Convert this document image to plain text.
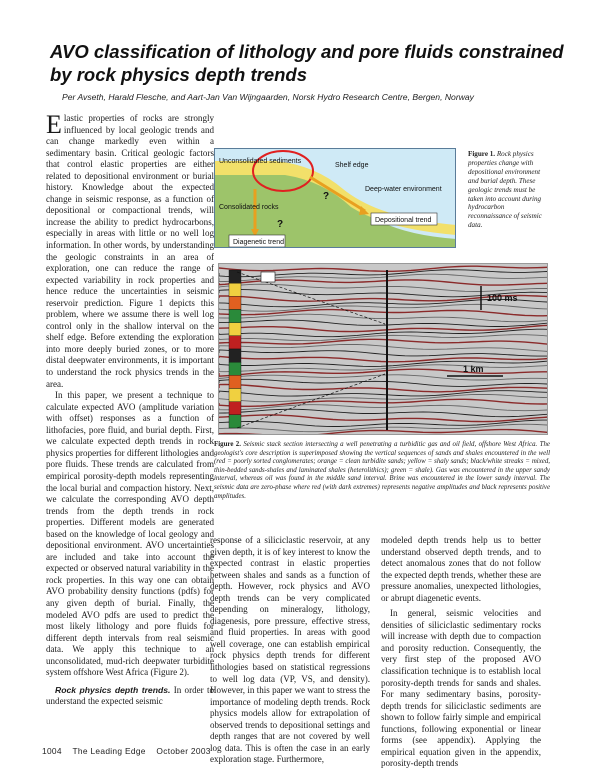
AVO classification of lithology and pore fluids constrained by rock physics depth trends
Per Avseth, Harald Flesche, and Aart-Jan Van Wijngaarden, Norsk Hydro Research Centre, Bergen, Norway

Elastic properties of rocks are strongly influenced by local geologic trends and can change markedly even within a sedimentary basin. Critical geologic factors that control elastic properties are either related to depositional environment or burial history. Knowledge about the expected change in seismic response, as a function of depositional or compactional trends, will increase the ability to predict hydrocarbons, especially in areas with little or no well log information. In other words, by understanding the geologic constraints in an area of exploration, one can reduce the range of expected variability in rock properties and hence reduce the uncertainties in seismic reservoir prediction. Figure 1 depicts this problem, where we assume there is well log control only in the shallow interval on the shelf edge. Before extending the exploration into more deeply buried zones, or to more distal deepwater environments, it is important to understand the rock physics trends in the area.

In this paper, we present a technique to calculate expected AVO (amplitude variation with offset) responses as a function of lithofacies, pore fluid, and burial depth. First, we calculate expected depth trends in rock physics properties for different lithologies and pore fluids. These trends are calculated from empirical porosity-depth models representing the local burial and compaction history. Next, we calculate the corresponding AVO depth trends from the depth trends in rock properties. Different models are generated based on the knowledge of local geology and depositional environment. AVO uncertainties are included and take into account the expected or observed natural variability in the rock properties. In this way one can obtain AVO probability density functions (pdfs) for any given depth of burial. Finally, the modeled AVO pdfs are used to predict the most likely lithology and pore fluids for different depth intervals from real seismic data. We apply this technique to an unconsolidated, mud-rich deepwater turbidite system offshore West Africa (Figure 2).

Rock physics depth trends. In order to understand the expected seismic

Unconsolidated sediments
Shelf edge
Deep-water environment
Consolidated rocks
Depositional trend
Diagenetic trend
?
?
Figure 1. Rock physics properties change with depositional environment and burial depth. These geologic trends must be taken into account during hydrocarbon reconnaissance of seismic data.
100 ms
1 km
Figure 2. Seismic stack section intersecting a well penetrating a turbiditic gas and oil field, offshore West Africa. The geologist's core description is superimposed showing the vertical sequences of sands and shales encountered in the well (red = poorly sorted conglomerates; orange = clean turbidite sands; yellow = shaly sands; black/white streaks = mixed, thin-bedded sands-shales and laminated shales (heterolithics); green = shale). Gas was encountered in the upper sandy interval, whereas oil was found in the middle sand interval. Brine was encountered in the lower sandy interval. The seismic data are zero-phase where red (with dark extremes) represents negative amplitudes and black represents positive amplitudes.

response of a siliciclastic reservoir, at any given depth, it is of key interest to know the expected contrast in elastic properties between shales and sands as a function of depth. However, rock physics and AVO depth trends can be very complicated depending on mineralogy, lithology, diagenesis, pore pressure, effective stress, and fluid properties. In areas with good well coverage, one can establish empirical rock physics depth trends for different lithologies based on statistical regressions to well log data (VP, VS, and density). However, in this paper we want to stress the importance of modeling depth trends. Rock physics models allow for extrapolation of observed trends to depositional settings and depth ranges that are not covered by well log data. This is often the case in an early exploration stage. Furthermore,

modeled depth trends help us to better understand observed depth trends, and to detect anomalous zones that do not follow the expected depth trends, whether these are pressure anomalies, unexpected lithologies, or abrupt diagenetic events.

In general, seismic velocities and densities of siliciclastic sedimentary rocks will increase with depth due to compaction and porosity reduction. Consequently, the very first step of the proposed AVO classification technique is to establish local porosity-depth trends for sands and shales. For many sedimentary basins, porosity-depth trends for siliciclastic sediments are shown to follow fairly simple and empirical functions, following exponential or linear forms (see appendix). Applying the empirical equation given in the appendix, porosity-depth trends

1004 The Leading Edge October 2003
